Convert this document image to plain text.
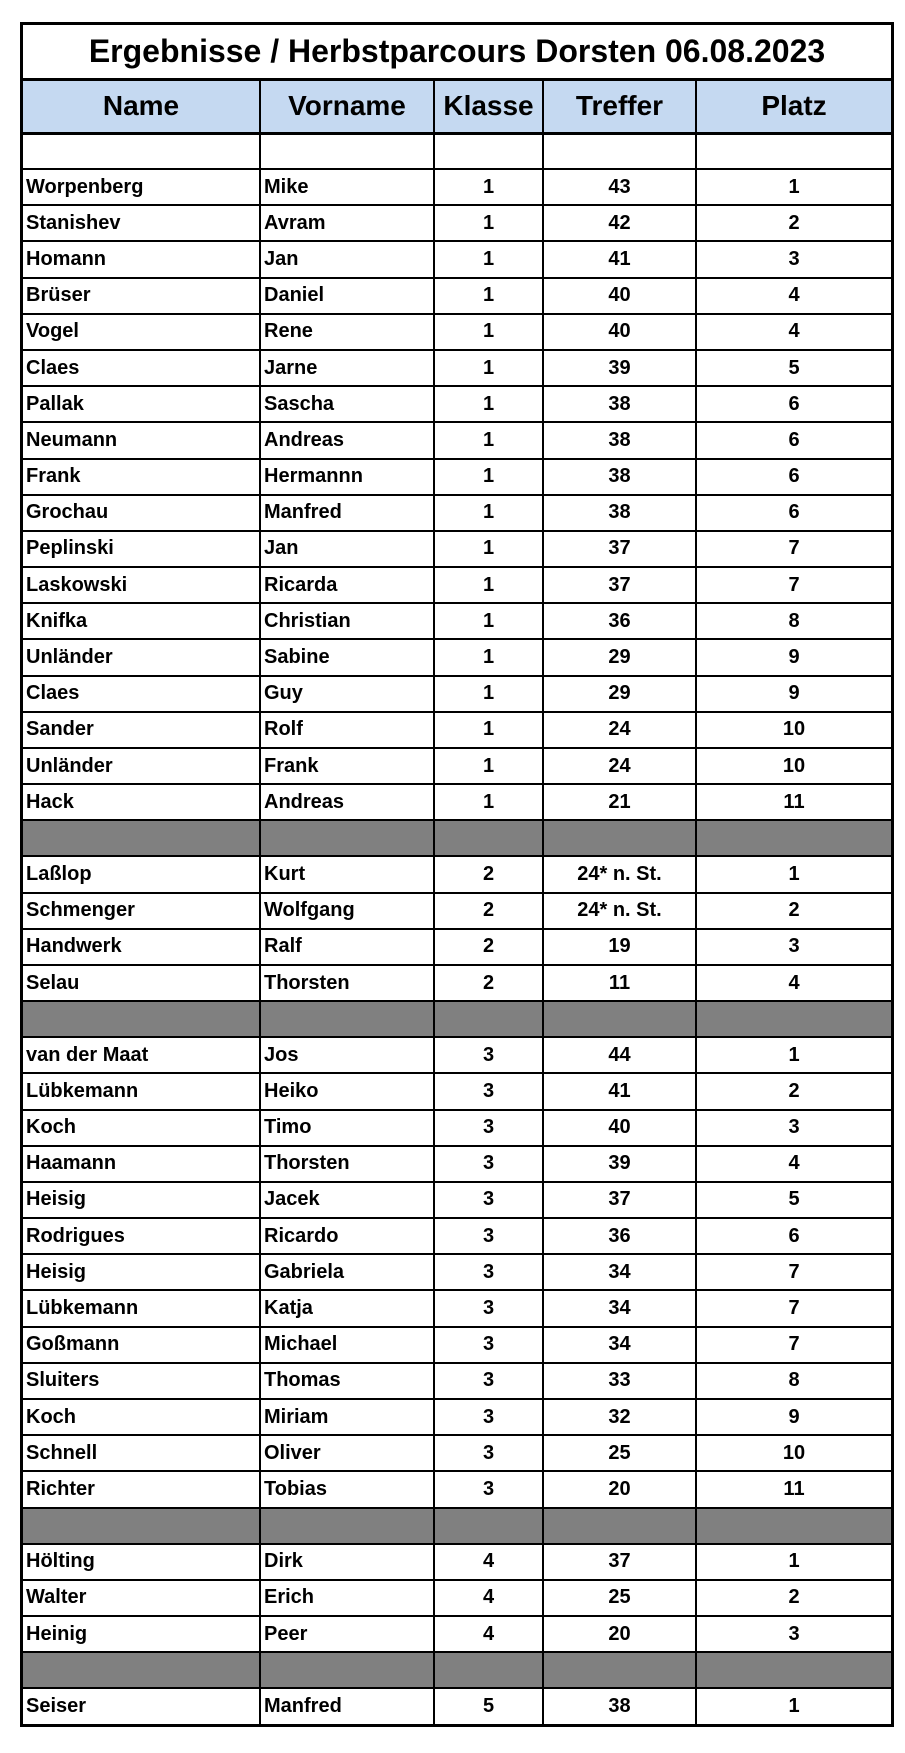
Ergebnisse / Herbstparcours Dorsten 06.08.2023
Name	Vorname	Klasse	Treffer	Platz

Worpenberg	Mike	1	43	1
Stanishev	Avram	1	42	2
Homann	Jan	1	41	3
Brüser	Daniel	1	40	4
Vogel	Rene	1	40	4
Claes	Jarne	1	39	5
Pallak	Sascha	1	38	6
Neumann	Andreas	1	38	6
Frank	Hermannn	1	38	6
Grochau	Manfred	1	38	6
Peplinski	Jan	1	37	7
Laskowski	Ricarda	1	37	7
Knifka	Christian	1	36	8
Unländer	Sabine	1	29	9
Claes	Guy	1	29	9
Sander	Rolf	1	24	10
Unländer	Frank	1	24	10
Hack	Andreas	1	21	11

Laßlop	Kurt	2	24* n. St.	1
Schmenger	Wolfgang	2	24* n. St.	2
Handwerk	Ralf	2	19	3
Selau	Thorsten	2	11	4

van der Maat	Jos	3	44	1
Lübkemann	Heiko	3	41	2
Koch	Timo	3	40	3
Haamann	Thorsten	3	39	4
Heisig	Jacek	3	37	5
Rodrigues	Ricardo	3	36	6
Heisig	Gabriela	3	34	7
Lübkemann	Katja	3	34	7
Goßmann	Michael	3	34	7
Sluiters	Thomas	3	33	8
Koch	Miriam	3	32	9
Schnell	Oliver	3	25	10
Richter	Tobias	3	20	11

Hölting	Dirk	4	37	1
Walter	Erich	4	25	2
Heinig	Peer	4	20	3

Seiser	Manfred	5	38	1
